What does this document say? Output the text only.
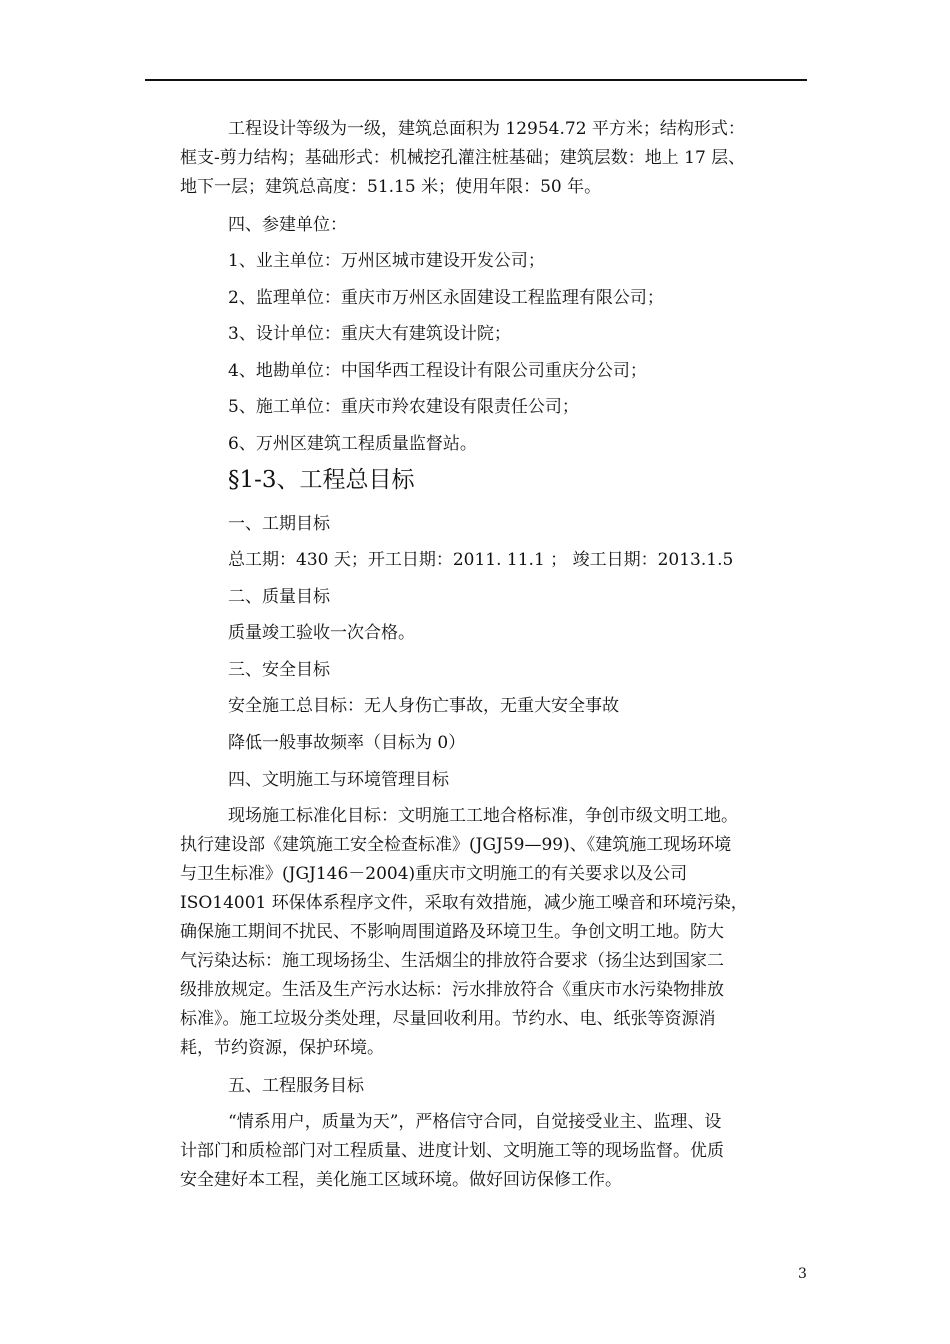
工程设计等级为一级，建筑总面积为 12954.72 平方米；结构形式：
框支-剪力结构；基础形式：机械挖孔灌注桩基础；建筑层数：地上 17 层、
地下一层；建筑总高度：51.15 米；使用年限：50 年。
四、参建单位：
1、业主单位：万州区城市建设开发公司；
2、监理单位：重庆市万州区永固建设工程监理有限公司；
3、设计单位：重庆大有建筑设计院；
4、地勘单位：中国华西工程设计有限公司重庆分公司；
5、施工单位：重庆市羚农建设有限责任公司；
6、万州区建筑工程质量监督站。
§1-3、工程总目标
一、工期目标
总工期：430 天；开工日期：2011. 11.1 ； 竣工日期：2013.1.5
二、质量目标
质量竣工验收一次合格。
三、安全目标
安全施工总目标：无人身伤亡事故，无重大安全事故
降低一般事故频率（目标为 0）
四、文明施工与环境管理目标
现场施工标准化目标：文明施工工地合格标准，争创市级文明工地。
执行建设部《建筑施工安全检查标准》(JGJ59—99)、《建筑施工现场环境
与卫生标准》(JGJ146－2004)重庆市文明施工的有关要求以及公司
ISO14001 环保体系程序文件，采取有效措施，减少施工噪音和环境污染，
确保施工期间不扰民、不影响周围道路及环境卫生。争创文明工地。防大
气污染达标：施工现场扬尘、生活烟尘的排放符合要求（扬尘达到国家二
级排放规定。生活及生产污水达标：污水排放符合《重庆市水污染物排放
标准》。施工垃圾分类处理，尽量回收利用。节约水、电、纸张等资源消
耗，节约资源，保护环境。
五、工程服务目标
“情系用户，质量为天”，严格信守合同，自觉接受业主、监理、设
计部门和质检部门对工程质量、进度计划、文明施工等的现场监督。优质
安全建好本工程，美化施工区域环境。做好回访保修工作。
3
